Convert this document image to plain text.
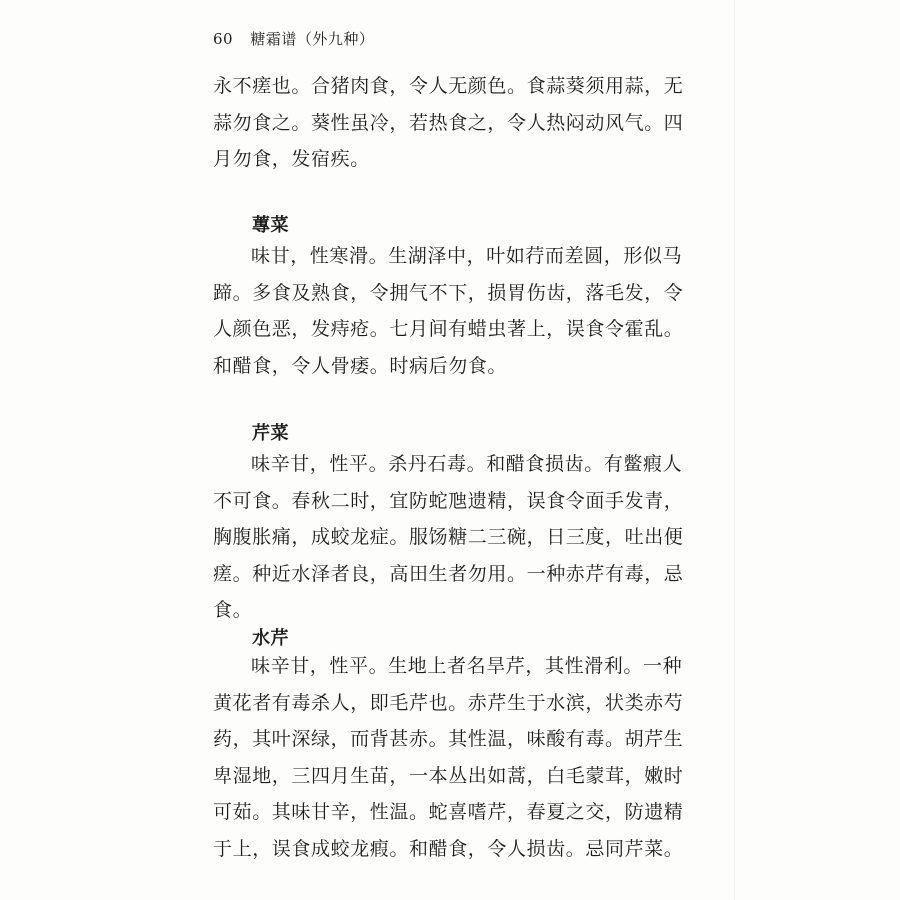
60 糖霜谱（外九种）

永不瘥也。合猪肉食，令人无颜色。食蒜葵须用蒜，无蒜勿食之。葵性虽冷，若热食之，令人热闷动风气。四月勿食，发宿疾。

蓴菜

味甘，性寒滑。生湖泽中，叶如荇而差圆，形似马蹄。多食及熟食，令拥气不下，损胃伤齿，落毛发，令人颜色恶，发痔疮。七月间有蜡虫著上，误食令霍乱。和醋食，令人骨痿。时病后勿食。

芹菜

味辛甘，性平。杀丹石毒。和醋食损齿。有鳖瘕人不可食。春秋二时，宜防蛇虺遗精，误食令面手发青，胸腹胀痛，成蛟龙症。服饧糖二三碗，日三度，吐出便瘥。种近水泽者良，高田生者勿用。一种赤芹有毒，忌食。

水芹

味辛甘，性平。生地上者名旱芹，其性滑利。一种黄花者有毒杀人，即毛芹也。赤芹生于水滨，状类赤芍药，其叶深绿，而背甚赤。其性温，味酸有毒。胡芹生卑湿地，三四月生苗，一本丛出如蒿，白毛蒙茸，嫩时可茹。其味甘辛，性温。蛇喜嗜芹，春夏之交，防遗精于上，误食成蛟龙瘕。和醋食，令人损齿。忌同芹菜。
